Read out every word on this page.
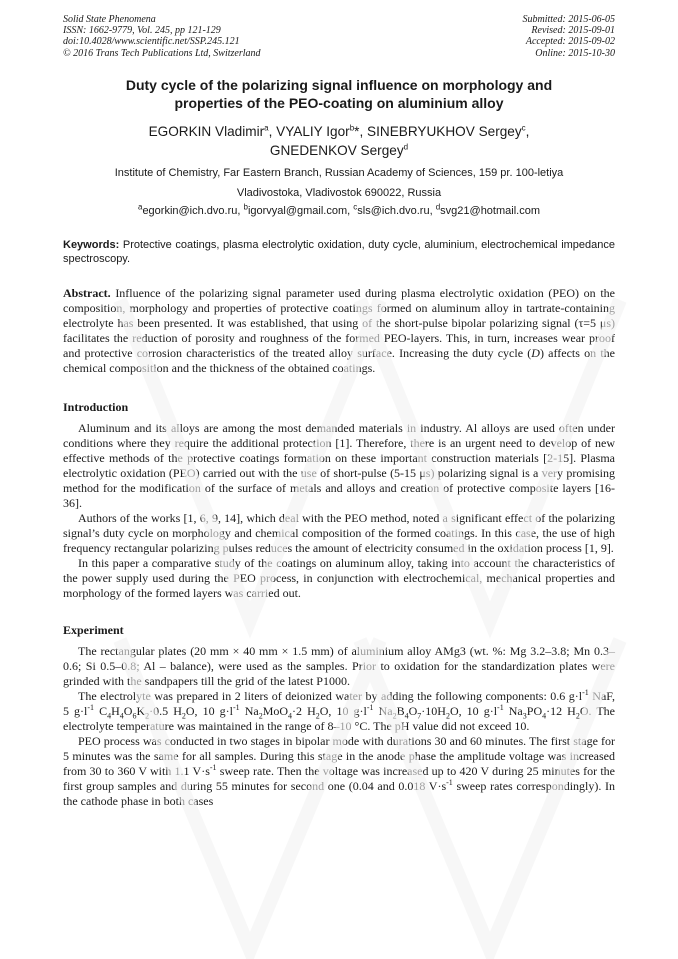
Solid State Phenomena
ISSN: 1662-9779, Vol. 245, pp 121-129
doi:10.4028/www.scientific.net/SSP.245.121
© 2016 Trans Tech Publications Ltd, Switzerland
Submitted: 2015-06-05
Revised: 2015-09-01
Accepted: 2015-09-02
Online: 2015-10-30
Duty cycle of the polarizing signal influence on morphology and
properties of the PEO-coating on aluminium alloy
EGORKIN Vladimir$^a$, VYALIY Igor$^b$*, SINEBRYUKHOV Sergey$^c$,
GNEDENKOV Sergey$^d$
Institute of Chemistry, Far Eastern Branch, Russian Academy of Sciences, 159 pr. 100-letiya
Vladivostoka, Vladivostok 690022, Russia
$^a$egorkin@ich.dvo.ru, $^b$igorvyal@gmail.com, $^c$sls@ich.dvo.ru, $^d$svg21@hotmail.com
Keywords: Protective coatings, plasma electrolytic oxidation, duty cycle, aluminium, electrochemical impedance spectroscopy.
Abstract. Influence of the polarizing signal parameter used during plasma electrolytic oxidation (PEO) on the composition, morphology and properties of protective coatings formed on aluminum alloy in tartrate-containing electrolyte has been presented. It was established, that using of the short-pulse bipolar polarizing signal (τ=5 μs) facilitates the reduction of porosity and roughness of the formed PEO-layers. This, in turn, increases wear proof and protective corrosion characteristics of the treated alloy surface. Increasing the duty cycle (D) affects on the chemical composition and the thickness of the obtained coatings.
Introduction

Aluminum and its alloys are among the most demanded materials in industry. Al alloys are used often under conditions where they require the additional protection [1]. Therefore, there is an urgent need to develop of new effective methods of the protective coatings formation on these important construction materials [2-15]. Plasma electrolytic oxidation (PEO) carried out with the use of short-pulse (5-15 μs) polarizing signal is a very promising method for the modification of the surface of metals and alloys and creation of protective composite layers [16-36].

Authors of the works [1, 6, 9, 14], which deal with the PEO method, noted a significant effect of the polarizing signal’s duty cycle on morphology and chemical composition of the formed coatings. In this case, the use of high frequency rectangular polarizing pulses reduces the amount of electricity consumed in the oxidation process [1, 9].

In this paper a comparative study of the coatings on aluminum alloy, taking into account the characteristics of the power supply used during the PEO process, in conjunction with electrochemical, mechanical properties and morphology of the formed layers was carried out.

Experiment

The rectangular plates (20 mm × 40 mm × 1.5 mm) of aluminium alloy AMg3 (wt. %: Mg 3.2–3.8; Mn 0.3–0.6; Si 0.5–0.8; Al – balance), were used as the samples. Prior to oxidation for the standardization plates were grinded with the sandpapers till the grid of the latest P1000.

The electrolyte was prepared in 2 liters of deionized water by adding the following components: 0.6 $g\cdot l^{-1}$ NaF, 5 $g\cdot l^{-1}$ $C_4H_4O_6K_2\cdot 0.5$ $H_2O$, 10 $g\cdot l^{-1}$ $Na_2MoO_4\cdot 2$ $H_2O$, 10 $g\cdot l^{-1}$ $Na_2B_4O_7\cdot 10H_2O$, 10 $g\cdot l^{-1}$ $Na_3PO_4\cdot 12$ $H_2O$. The electrolyte temperature was maintained in the range of 8–10 °C. The pH value did not exceed 10.

PEO process was conducted in two stages in bipolar mode with durations 30 and 60 minutes. The first stage for 5 minutes was the same for all samples. During this stage in the anode phase the amplitude voltage was increased from 30 to 360 V with 1.1 $V\cdot s^{-1}$ sweep rate. Then the voltage was increased up to 420 V during 25 minutes for the first group samples and during 55 minutes for second one (0.04 and 0.018 $V\cdot s^{-1}$ sweep rates correspondingly). In the cathode phase in both cases
